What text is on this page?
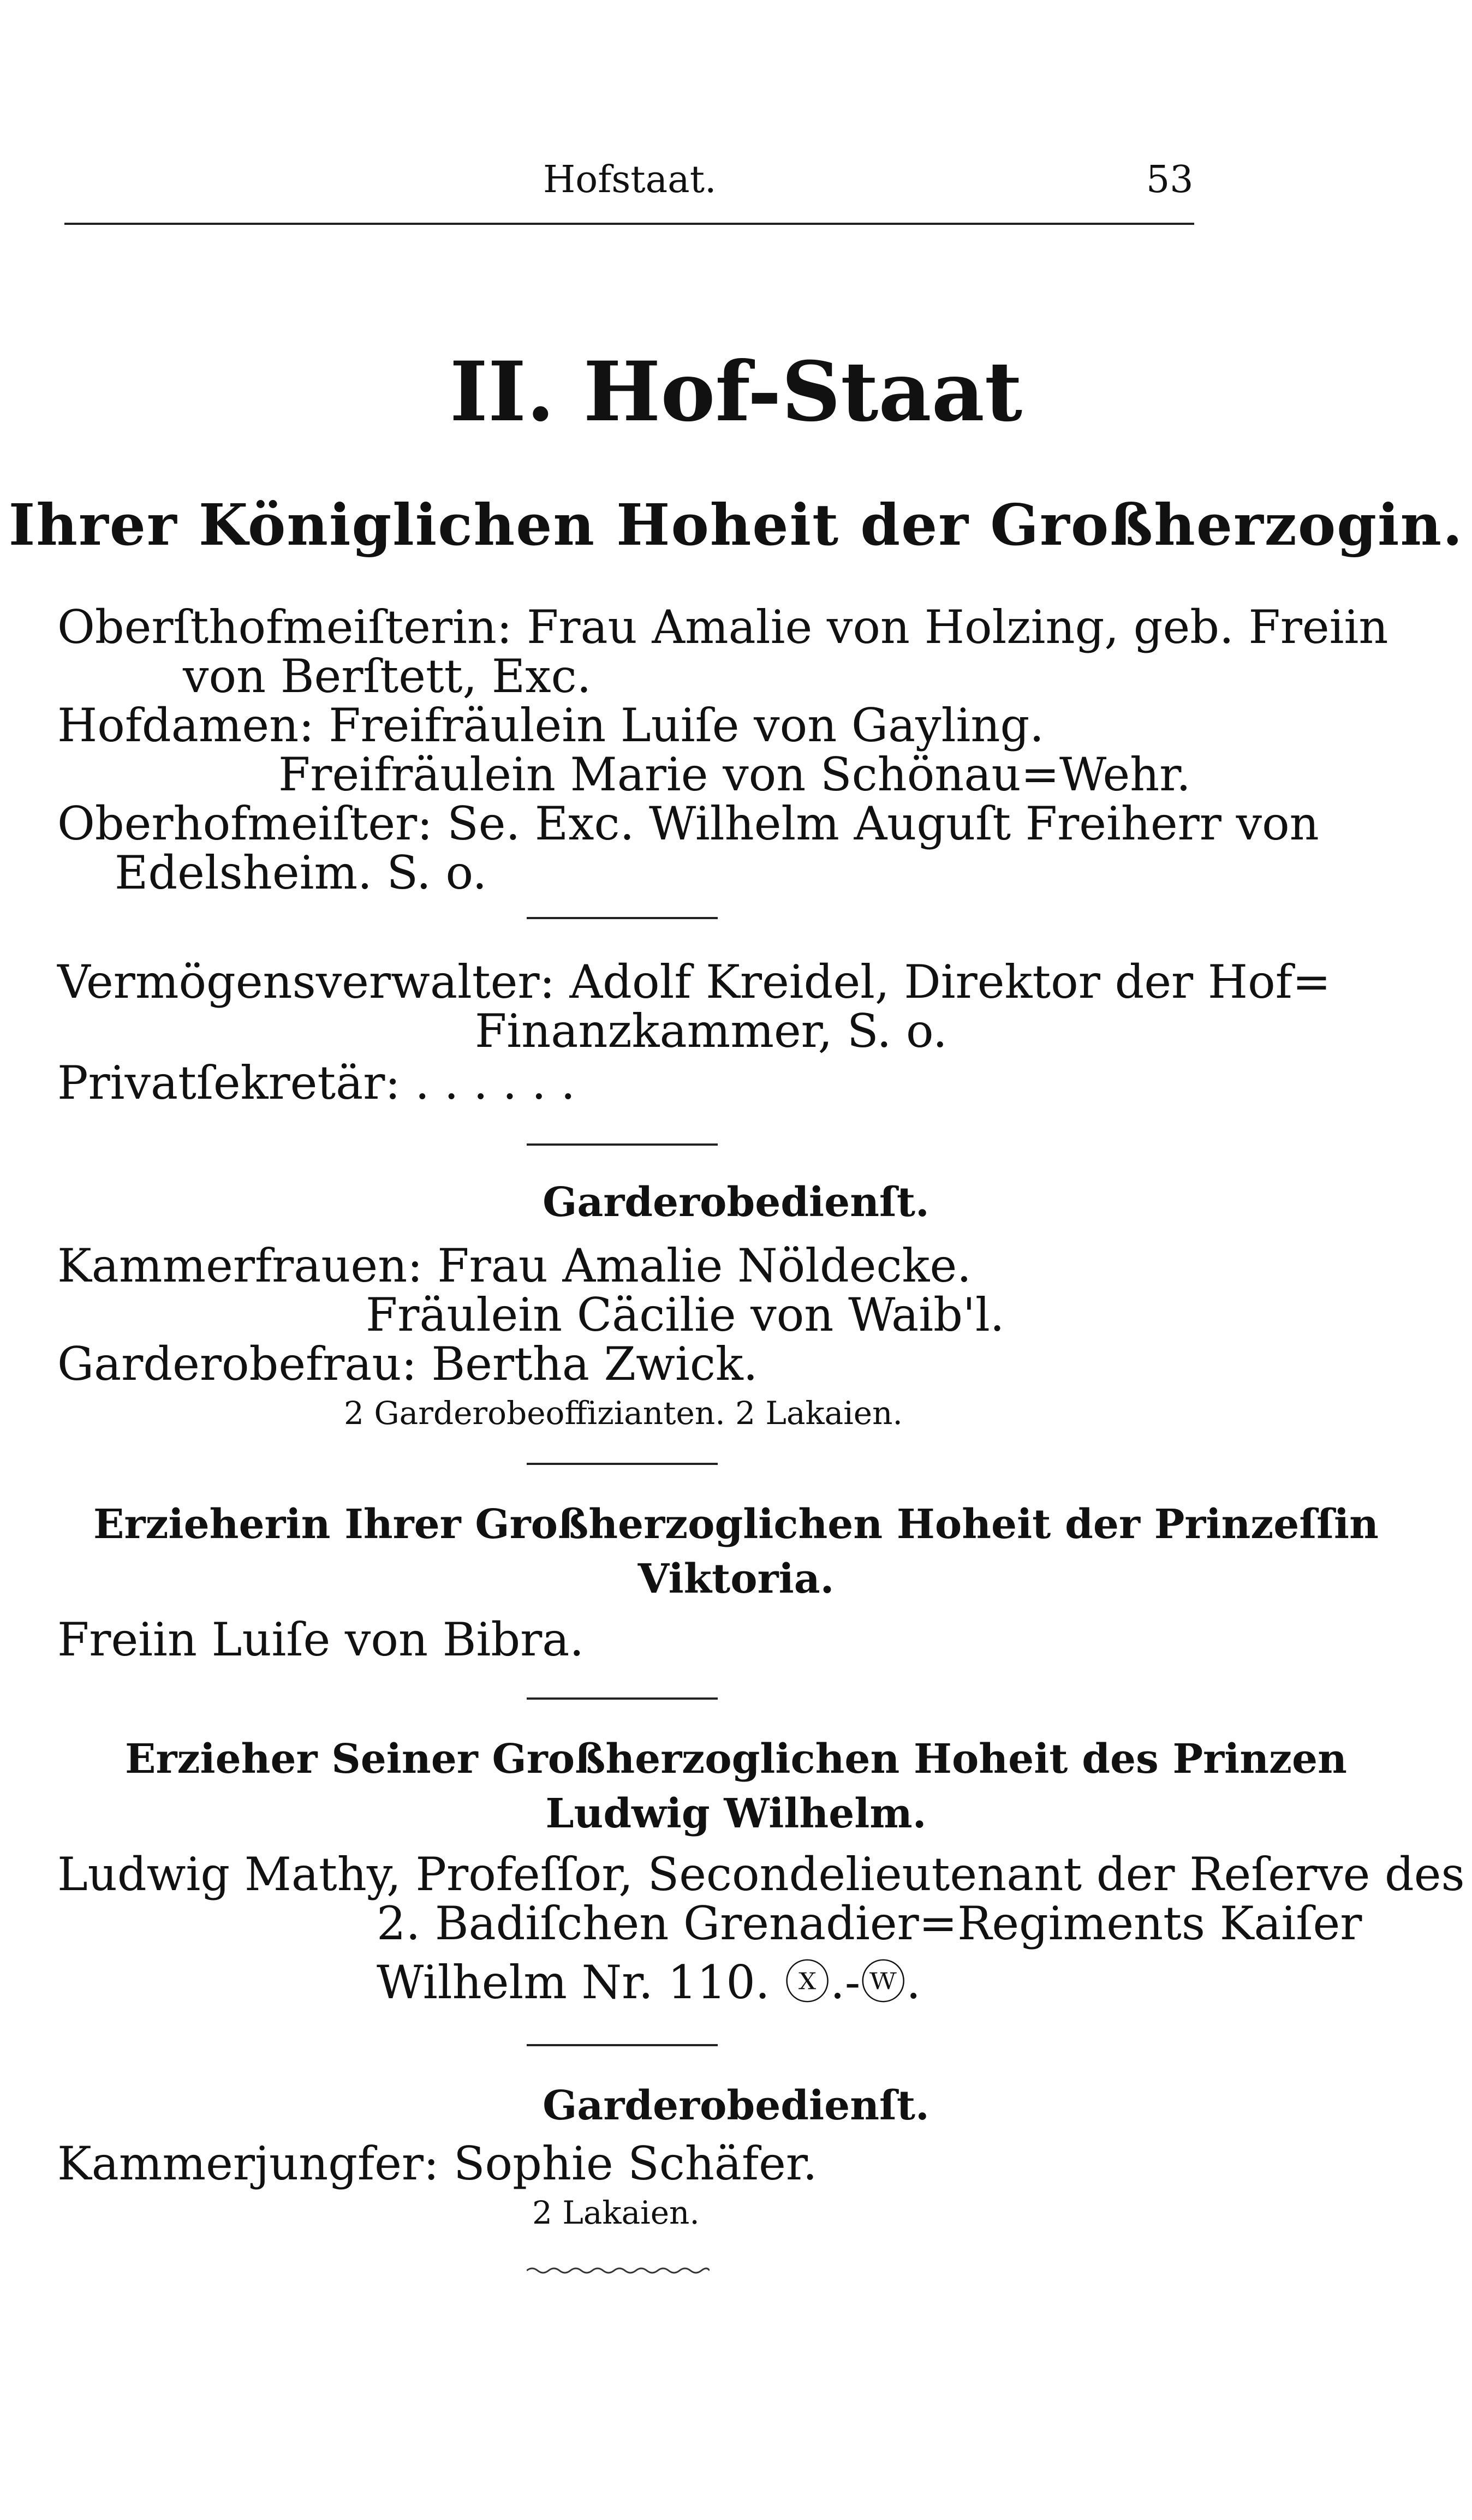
Hofstaat.	53
II. Hof-Staat
Ihrer Königlichen Hoheit der Großherzogin.
Oberſthofmeiſterin: Frau Amalie von Holzing, geb. Freiin
von Berſtett, Exc.
Hofdamen: Freifräulein Luiſe von Gayling.
Freifräulein Marie von Schönau=Wehr.
Oberhofmeiſter: Se. Exc. Wilhelm Auguſt Freiherr von
Edelsheim. S. o.
Vermögensverwalter: Adolf Kreidel, Direktor der Hof=
Finanzkammer, S. o.
Privatſekretär: . . . . . .
Garderobedienſt.
Kammerfrauen: Frau Amalie Nöldecke.
Fräulein Cäcilie von Waib'l.
Garderobefrau: Bertha Zwick.
2 Garderobeoffizianten. 2 Lakaien.
Erzieherin Ihrer Großherzoglichen Hoheit der Prinzeſſin
Viktoria.
Freiin Luiſe von Bibra.
Erzieher Seiner Großherzoglichen Hoheit des Prinzen
Ludwig Wilhelm.
Ludwig Mathy, Profeſſor, Secondelieutenant der Reſerve des
2. Badiſchen Grenadier=Regiments Kaiſer
Wilhelm Nr. 110. ⓧ.-ⓦ.
Garderobedienſt.
Kammerjungfer: Sophie Schäfer.
2 Lakaien.
